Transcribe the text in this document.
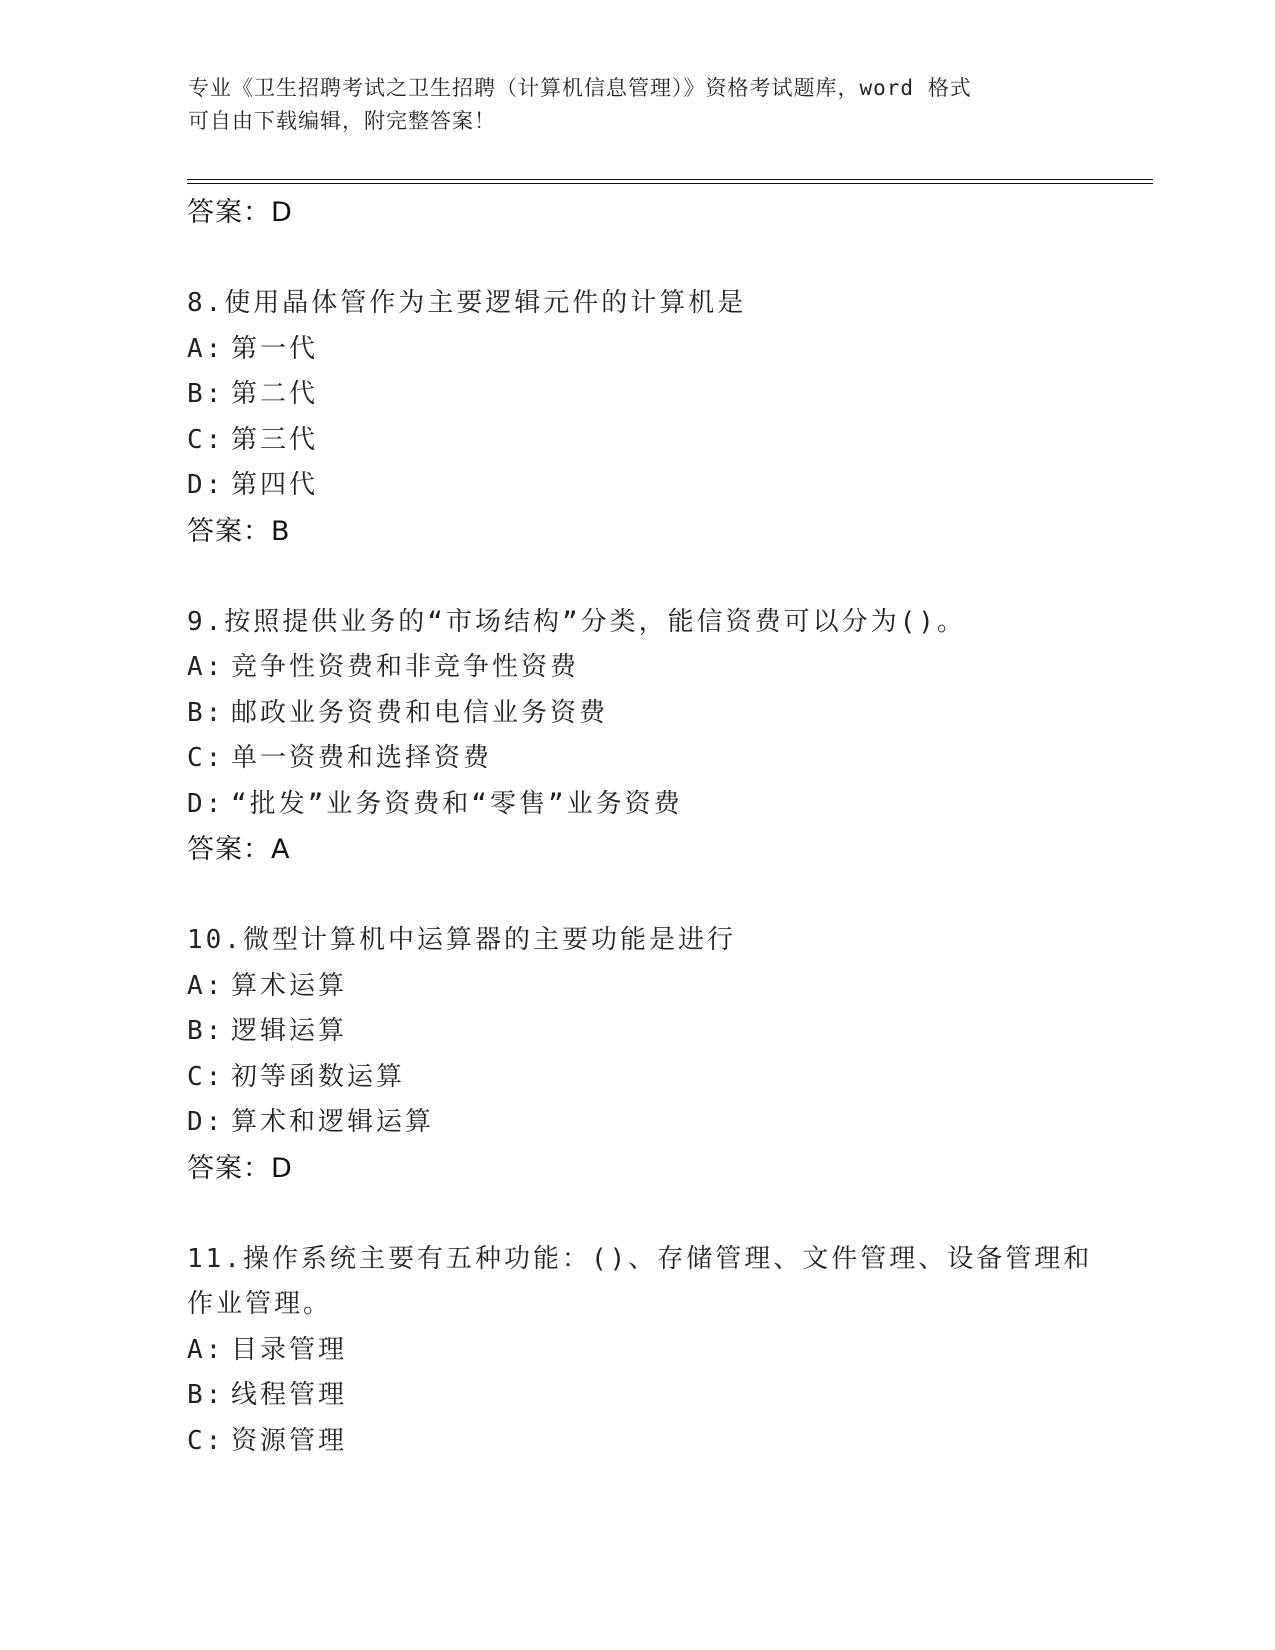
专业《卫生招聘考试之卫生招聘（计算机信息管理）》资格考试题库，word 格式
可自由下载编辑，附完整答案！
答案：D
8.使用晶体管作为主要逻辑元件的计算机是
A: 第一代
B: 第二代
C: 第三代
D: 第四代
答案：B
9.按照提供业务的“市场结构”分类，能信资费可以分为()。
A: 竞争性资费和非竞争性资费
B: 邮政业务资费和电信业务资费
C: 单一资费和选择资费
D: “批发”业务资费和“零售”业务资费
答案：A
10.微型计算机中运算器的主要功能是进行
A: 算术运算
B: 逻辑运算
C: 初等函数运算
D: 算术和逻辑运算
答案：D
11.操作系统主要有五种功能：()、存储管理、文件管理、设备管理和
作业管理。
A: 目录管理
B: 线程管理
C: 资源管理
